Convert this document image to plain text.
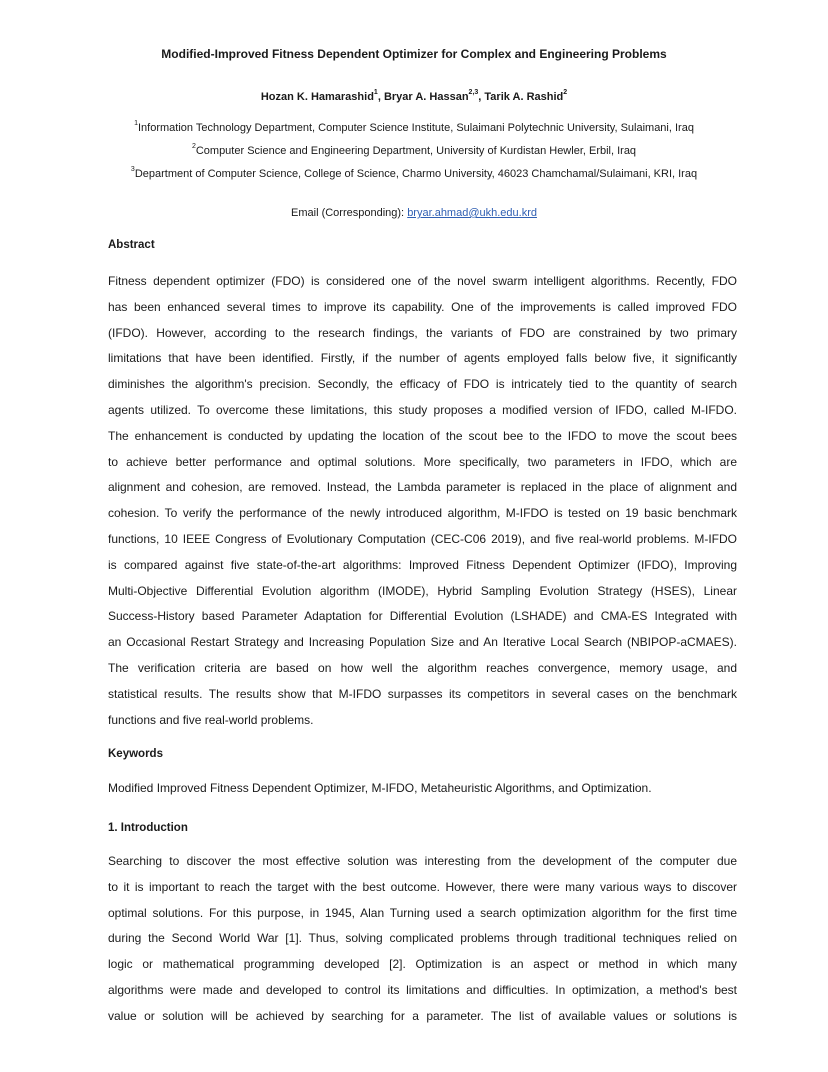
Modified-Improved Fitness Dependent Optimizer for Complex and Engineering Problems
Hozan K. Hamarashid$^1$, Bryar A. Hassan$^{2,3}$, Tarik A. Rashid$^2$
$^1$Information Technology Department, Computer Science Institute, Sulaimani Polytechnic University, Sulaimani, Iraq
$^2$Computer Science and Engineering Department, University of Kurdistan Hewler, Erbil, Iraq
$^3$Department of Computer Science, College of Science, Charmo University, 46023 Chamchamal/Sulaimani, KRI, Iraq
Email (Corresponding): bryar.ahmad@ukh.edu.krd
Abstract
Fitness dependent optimizer (FDO) is considered one of the novel swarm intelligent algorithms. Recently, FDO
has been enhanced several times to improve its capability. One of the improvements is called improved FDO
(IFDO). However, according to the research findings, the variants of FDO are constrained by two primary
limitations that have been identified. Firstly, if the number of agents employed falls below five, it significantly
diminishes the algorithm's precision. Secondly, the efficacy of FDO is intricately tied to the quantity of search
agents utilized. To overcome these limitations, this study proposes a modified version of IFDO, called M-IFDO.
The enhancement is conducted by updating the location of the scout bee to the IFDO to move the scout bees
to achieve better performance and optimal solutions. More specifically, two parameters in IFDO, which are
alignment and cohesion, are removed. Instead, the Lambda parameter is replaced in the place of alignment and
cohesion. To verify the performance of the newly introduced algorithm, M-IFDO is tested on 19 basic benchmark
functions, 10 IEEE Congress of Evolutionary Computation (CEC-C06 2019), and five real-world problems. M-IFDO
is compared against five state-of-the-art algorithms: Improved Fitness Dependent Optimizer (IFDO), Improving
Multi-Objective Differential Evolution algorithm (IMODE), Hybrid Sampling Evolution Strategy (HSES), Linear
Success-History based Parameter Adaptation for Differential Evolution (LSHADE) and CMA-ES Integrated with
an Occasional Restart Strategy and Increasing Population Size and An Iterative Local Search (NBIPOP-aCMAES).
The verification criteria are based on how well the algorithm reaches convergence, memory usage, and
statistical results. The results show that M-IFDO surpasses its competitors in several cases on the benchmark
functions and five real-world problems.
Keywords
Modified Improved Fitness Dependent Optimizer, M-IFDO, Metaheuristic Algorithms, and Optimization.
1. Introduction
Searching to discover the most effective solution was interesting from the development of the computer due
to it is important to reach the target with the best outcome. However, there were many various ways to discover
optimal solutions. For this purpose, in 1945, Alan Turning used a search optimization algorithm for the first time
during the Second World War [1]. Thus, solving complicated problems through traditional techniques relied on
logic or mathematical programming developed [2]. Optimization is an aspect or method in which many
algorithms were made and developed to control its limitations and difficulties. In optimization, a method's best
value or solution will be achieved by searching for a parameter. The list of available values or solutions is
